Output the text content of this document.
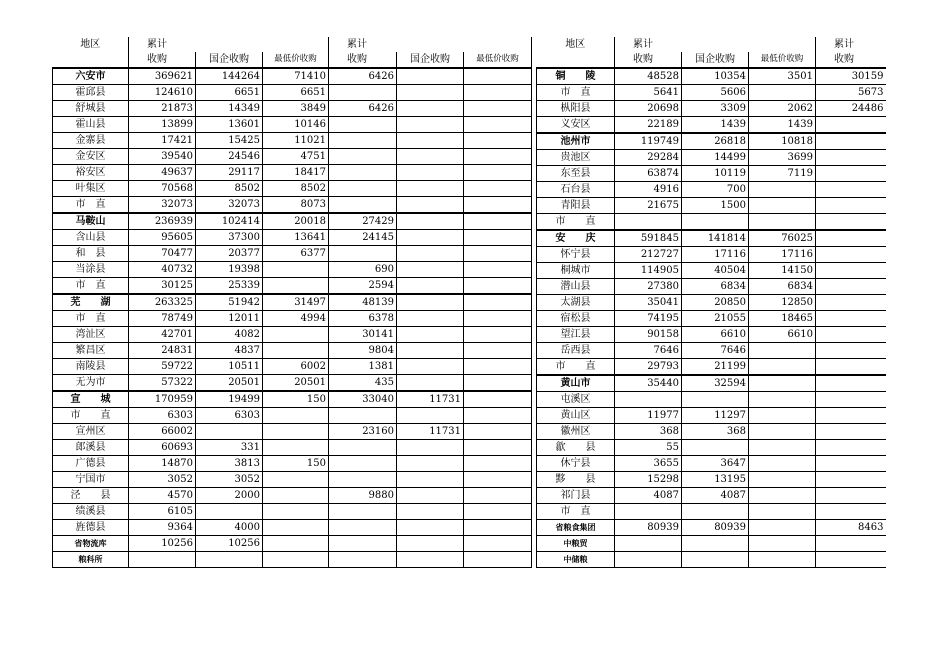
地区	累计			累计		
	收购	国企收购	最低价收购	收购	国企收购	最低价收购
六安市	369621	144264	71410	6426		
霍邱县	124610	6651	6651			
舒城县	21873	14349	3849	6426		
霍山县	13899	13601	10146			
金寨县	17421	15425	11021			
金安区	39540	24546	4751			
裕安区	49637	29117	18417			
叶集区	70568	8502	8502			
市　直	32073	32073	8073			
马鞍山	236939	102414	20018	27429		
含山县	95605	37300	13641	24145		
和　县	70477	20377	6377			
当涂县	40732	19398		690		
市　直	30125	25339		2594		
芜　　湖	263325	51942	31497	48139		
市　直	78749	12011	4994	6378		
湾沚区	42701	4082		30141		
繁昌区	24831	4837		9804		
南陵县	59722	10511	6002	1381		
无为市	57322	20501	20501	435		
宣　　城	170959	19499	150	33040	11731	
市　　直	6303	6303				
宣州区	66002			23160	11731	
郎溪县	60693	331				
广德县	14870	3813	150			
宁国市	3052	3052				
泾　　县	4570	2000		9880		
绩溪县	6105					
旌德县	9364	4000				
省物流库	10256	10256				
粮科所						
地区	累计			累计
	收购	国企收购	最低价收购	收购
铜　　陵	48528	10354	3501	30159
市　直	5641	5606		5673
枞阳县	20698	3309	2062	24486
义安区	22189	1439	1439	
池州市	119749	26818	10818	
贵池区	29284	14499	3699	
东至县	63874	10119	7119	
石台县	4916	700		
青阳县	21675	1500		
市　　直				
安　　庆	591845	141814	76025	
怀宁县	212727	17116	17116	
桐城市	114905	40504	14150	
潜山县	27380	6834	6834	
太湖县	35041	20850	12850	
宿松县	74195	21055	18465	
望江县	90158	6610	6610	
岳西县	7646	7646		
市　　直	29793	21199		
黄山市	35440	32594		
屯溪区				
黄山区	11977	11297		
徽州区	368	368		
歙　　县	55			
休宁县	3655	3647		
黟　　县	15298	13195		
祁门县	4087	4087		
市　直				
省粮食集团	80939	80939		8463
中粮贸				
中储粮				
